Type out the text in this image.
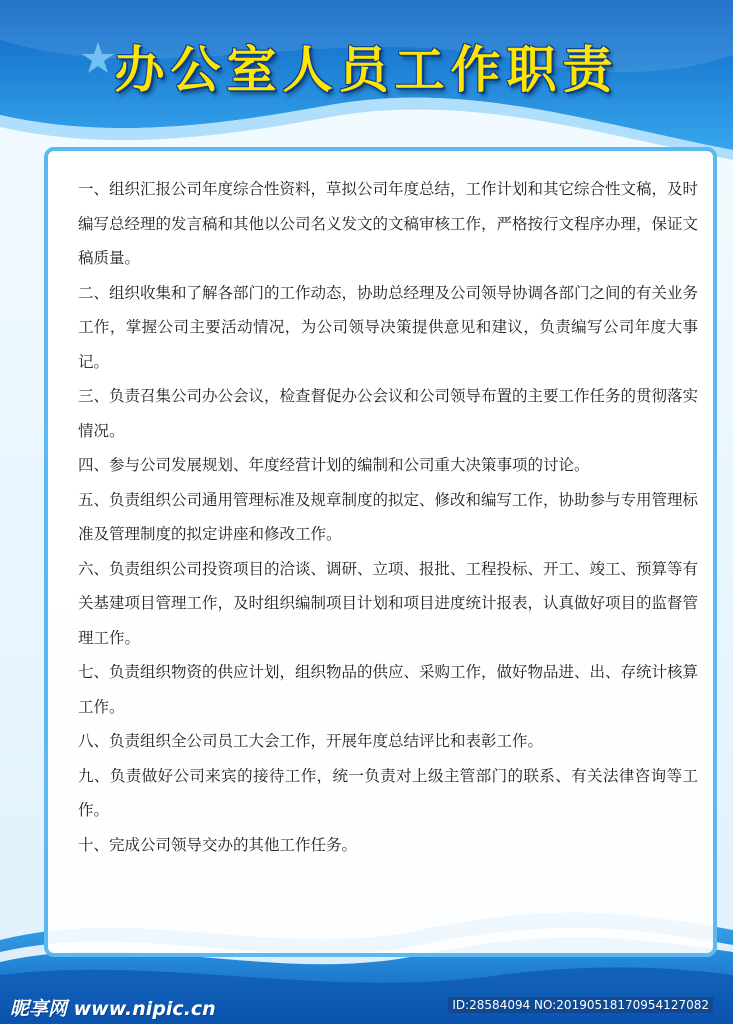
办公室人员工作职责
一、组织汇报公司年度综合性资料，草拟公司年度总结，工作计划和其它综合性文稿，及时编写总经理的发言稿和其他以公司名义发文的文稿审核工作，严格按行文程序办理，保证文稿质量。
二、组织收集和了解各部门的工作动态，协助总经理及公司领导协调各部门之间的有关业务工作，掌握公司主要活动情况，为公司领导决策提供意见和建议，负责编写公司年度大事记。
三、负责召集公司办公会议，检查督促办公会议和公司领导布置的主要工作任务的贯彻落实情况。
四、参与公司发展规划、年度经营计划的编制和公司重大决策事项的讨论。
五、负责组织公司通用管理标准及规章制度的拟定、修改和编写工作，协助参与专用管理标准及管理制度的拟定讲座和修改工作。
六、负责组织公司投资项目的洽谈、调研、立项、报批、工程投标、开工、竣工、预算等有关基建项目管理工作，及时组织编制项目计划和项目进度统计报表，认真做好项目的监督管理工作。
七、负责组织物资的供应计划，组织物品的供应、采购工作，做好物品进、出、存统计核算工作。
八、负责组织全公司员工大会工作，开展年度总结评比和表彰工作。
九、负责做好公司来宾的接待工作，统一负责对上级主管部门的联系、有关法律咨询等工作。
十、完成公司领导交办的其他工作任务。
昵享网 www.nipic.cn	ID:28584094 NO:20190518170954127082
